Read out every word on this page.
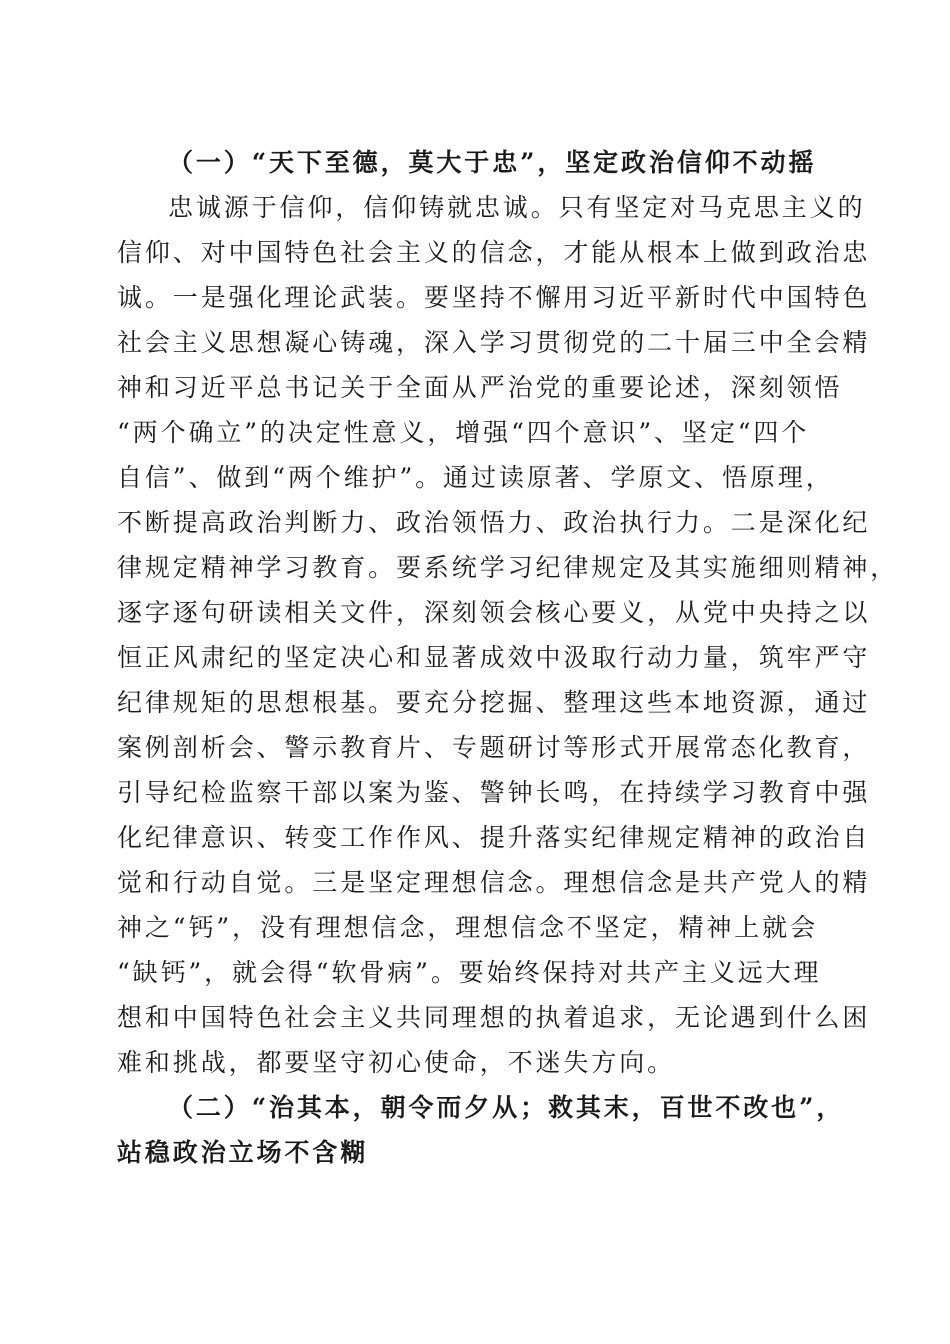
（一）“天下至德，莫大于忠”，坚定政治信仰不动摇
忠诚源于信仰，信仰铸就忠诚。只有坚定对马克思主义的
信仰、对中国特色社会主义的信念，才能从根本上做到政治忠
诚。一是强化理论武装。要坚持不懈用习近平新时代中国特色
社会主义思想凝心铸魂，深入学习贯彻党的二十届三中全会精
神和习近平总书记关于全面从严治党的重要论述，深刻领悟
“两个确立”的决定性意义，增强“四个意识”、坚定“四个
自信”、做到“两个维护”。通过读原著、学原文、悟原理，
不断提高政治判断力、政治领悟力、政治执行力。二是深化纪
律规定精神学习教育。要系统学习纪律规定及其实施细则精神，
逐字逐句研读相关文件，深刻领会核心要义，从党中央持之以
恒正风肃纪的坚定决心和显著成效中汲取行动力量，筑牢严守
纪律规矩的思想根基。要充分挖掘、整理这些本地资源，通过
案例剖析会、警示教育片、专题研讨等形式开展常态化教育，
引导纪检监察干部以案为鉴、警钟长鸣，在持续学习教育中强
化纪律意识、转变工作作风、提升落实纪律规定精神的政治自
觉和行动自觉。三是坚定理想信念。理想信念是共产党人的精
神之“钙”，没有理想信念，理想信念不坚定，精神上就会
“缺钙”，就会得“软骨病”。要始终保持对共产主义远大理
想和中国特色社会主义共同理想的执着追求，无论遇到什么困
难和挑战，都要坚守初心使命，不迷失方向。
（二）“治其本，朝令而夕从；救其末，百世不改也”，
站稳政治立场不含糊
